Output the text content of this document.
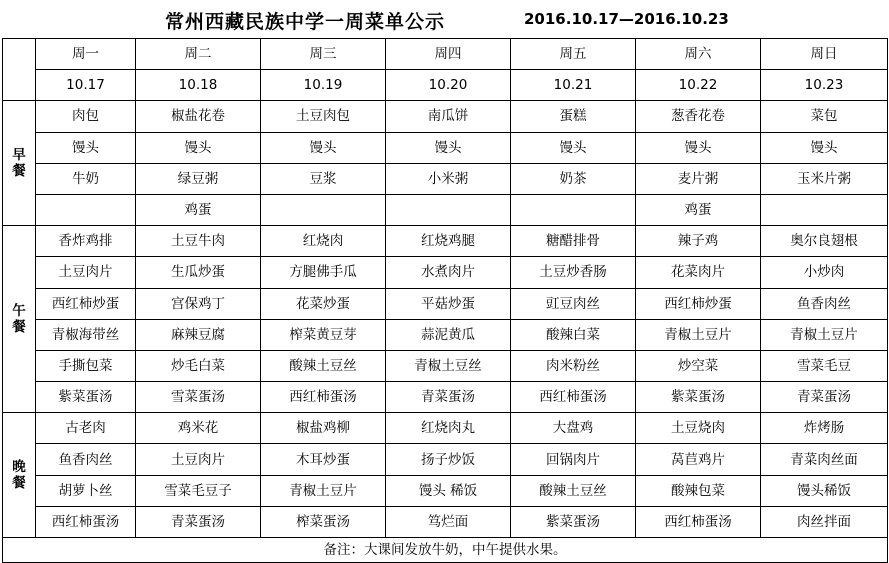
常州西藏民族中学一周菜单公示	2016.10.17—2016.10.23
	周一	周二	周三	周四	周五	周六	周日
	10.17	10.18	10.19	10.20	10.21	10.22	10.23

早
餐	肉包	椒盐花卷	土豆肉包	南瓜饼	蛋糕	葱香花卷	菜包
	馒头	馒头	馒头	馒头	馒头	馒头	馒头
	牛奶	绿豆粥	豆浆	小米粥	奶茶	麦片粥	玉米片粥
		鸡蛋				鸡蛋	

午
餐	香炸鸡排	土豆牛肉	红烧肉	红烧鸡腿	糖醋排骨	辣子鸡	奥尔良翅根
	土豆肉片	生瓜炒蛋	方腿佛手瓜	水煮肉片	土豆炒香肠	花菜肉片	小炒肉
	西红柿炒蛋	宫保鸡丁	花菜炒蛋	平菇炒蛋	豇豆肉丝	西红柿炒蛋	鱼香肉丝
	青椒海带丝	麻辣豆腐	榨菜黄豆芽	蒜泥黄瓜	酸辣白菜	青椒土豆片	青椒土豆片
	手撕包菜	炒毛白菜	酸辣土豆丝	青椒土豆丝	肉米粉丝	炒空菜	雪菜毛豆
	紫菜蛋汤	雪菜蛋汤	西红柿蛋汤	青菜蛋汤	西红柿蛋汤	紫菜蛋汤	青菜蛋汤

晚
餐	古老肉	鸡米花	椒盐鸡柳	红烧肉丸	大盘鸡	土豆烧肉	炸烤肠
	鱼香肉丝	土豆肉片	木耳炒蛋	扬子炒饭	回锅肉片	莴苣鸡片	青菜肉丝面
	胡萝卜丝	雪菜毛豆子	青椒土豆片	馒头 稀饭	酸辣土豆丝	酸辣包菜	馒头稀饭
	西红柿蛋汤	青菜蛋汤	榨菜蛋汤	笃烂面	紫菜蛋汤	西红柿蛋汤	肉丝拌面
备注：大课间发放牛奶，中午提供水果。							
